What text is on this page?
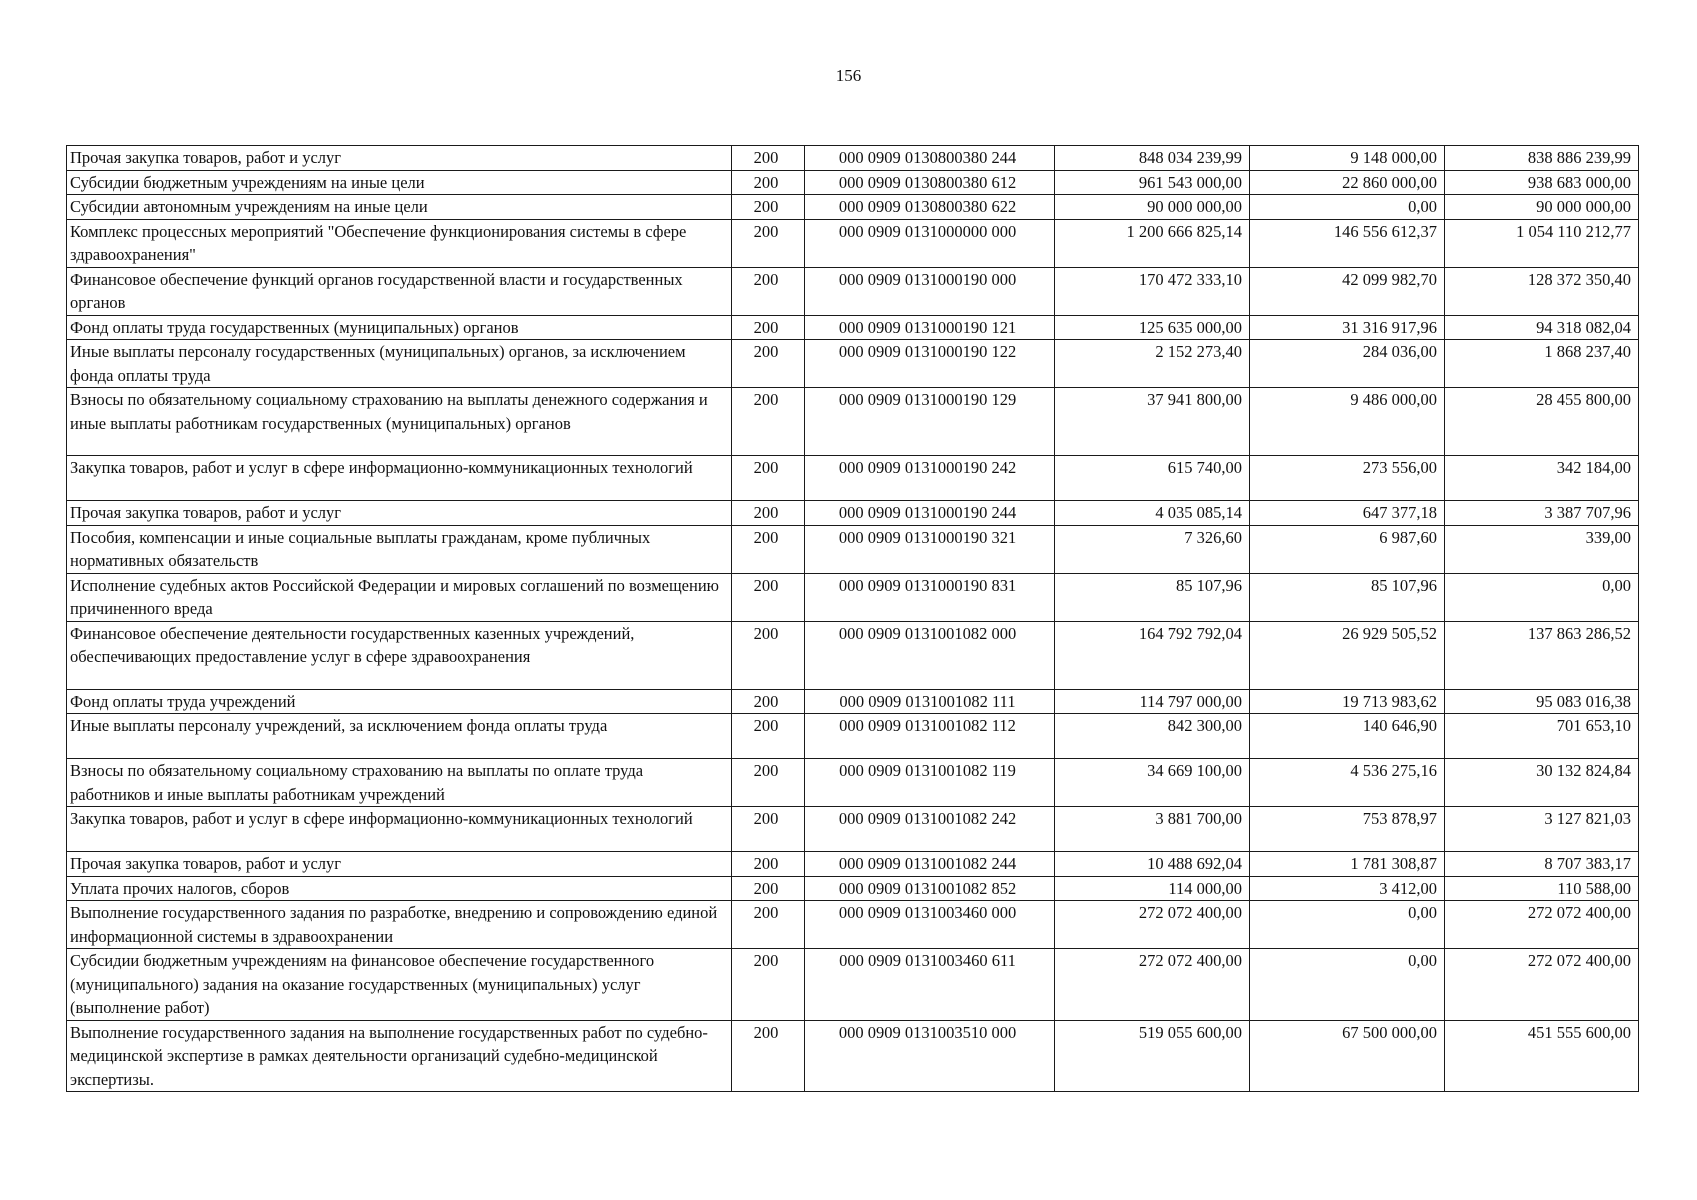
156
Прочая закупка товаров, работ и услуг	200	000 0909 0130800380 244	848 034 239,99	9 148 000,00	838 886 239,99
Субсидии бюджетным учреждениям на иные цели	200	000 0909 0130800380 612	961 543 000,00	22 860 000,00	938 683 000,00
Субсидии автономным учреждениям на иные цели	200	000 0909 0130800380 622	90 000 000,00	0,00	90 000 000,00
Комплекс процессных мероприятий "Обеспечение функционирования системы в сфере здравоохранения"	200	000 0909 0131000000 000	1 200 666 825,14	146 556 612,37	1 054 110 212,77
Финансовое обеспечение функций органов государственной власти и государственных органов	200	000 0909 0131000190 000	170 472 333,10	42 099 982,70	128 372 350,40
Фонд оплаты труда государственных (муниципальных) органов	200	000 0909 0131000190 121	125 635 000,00	31 316 917,96	94 318 082,04
Иные выплаты персоналу государственных (муниципальных) органов, за исключением фонда оплаты труда	200	000 0909 0131000190 122	2 152 273,40	284 036,00	1 868 237,40
Взносы по обязательному социальному страхованию на выплаты денежного содержания и иные выплаты работникам государственных (муниципальных) органов	200	000 0909 0131000190 129	37 941 800,00	9 486 000,00	28 455 800,00
Закупка товаров, работ и услуг в сфере информационно-коммуникационных технологий	200	000 0909 0131000190 242	615 740,00	273 556,00	342 184,00
Прочая закупка товаров, работ и услуг	200	000 0909 0131000190 244	4 035 085,14	647 377,18	3 387 707,96
Пособия, компенсации и иные социальные выплаты гражданам, кроме публичных нормативных обязательств	200	000 0909 0131000190 321	7 326,60	6 987,60	339,00
Исполнение судебных актов Российской Федерации и мировых соглашений по возмещению причиненного вреда	200	000 0909 0131000190 831	85 107,96	85 107,96	0,00
Финансовое обеспечение деятельности государственных казенных учреждений, обеспечивающих предоставление услуг в сфере здравоохранения	200	000 0909 0131001082 000	164 792 792,04	26 929 505,52	137 863 286,52
Фонд оплаты труда учреждений	200	000 0909 0131001082 111	114 797 000,00	19 713 983,62	95 083 016,38
Иные выплаты персоналу учреждений, за исключением фонда оплаты труда	200	000 0909 0131001082 112	842 300,00	140 646,90	701 653,10
Взносы по обязательному социальному страхованию на выплаты по оплате труда работников и иные выплаты работникам учреждений	200	000 0909 0131001082 119	34 669 100,00	4 536 275,16	30 132 824,84
Закупка товаров, работ и услуг в сфере информационно-коммуникационных технологий	200	000 0909 0131001082 242	3 881 700,00	753 878,97	3 127 821,03
Прочая закупка товаров, работ и услуг	200	000 0909 0131001082 244	10 488 692,04	1 781 308,87	8 707 383,17
Уплата прочих налогов, сборов	200	000 0909 0131001082 852	114 000,00	3 412,00	110 588,00
Выполнение государственного задания по разработке, внедрению и сопровождению единой информационной системы в здравоохранении	200	000 0909 0131003460 000	272 072 400,00	0,00	272 072 400,00
Субсидии бюджетным учреждениям на финансовое обеспечение государственного (муниципального) задания на оказание государственных (муниципальных) услуг (выполнение работ)	200	000 0909 0131003460 611	272 072 400,00	0,00	272 072 400,00
Выполнение государственного задания на выполнение государственных работ по судебно-медицинской экспертизе в рамках деятельности организаций судебно-медицинской экспертизы.	200	000 0909 0131003510 000	519 055 600,00	67 500 000,00	451 555 600,00
